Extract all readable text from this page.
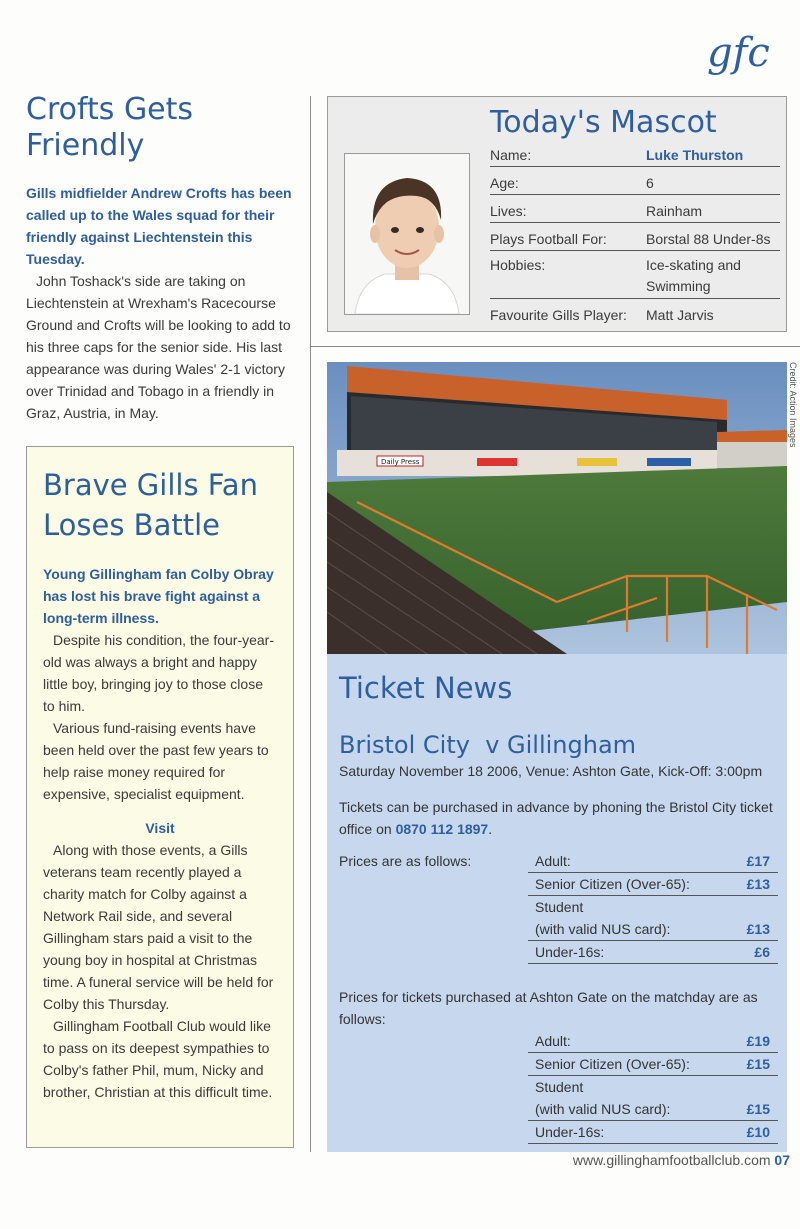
gfc
Crofts Gets
Friendly

Gills midfielder Andrew Crofts has been called up to the Wales squad for their friendly against Liechtenstein this Tuesday.

John Toshack's side are taking on Liechtenstein at Wrexham's Racecourse Ground and Crofts will be looking to add to his three caps for the senior side. His last appearance was during Wales' 2-1 victory over Trinidad and Tobago in a friendly in Graz, Austria, in May.

Brave Gills Fan
Loses Battle

Young Gillingham fan Colby Obray has lost his brave fight against a long-term illness.

Despite his condition, the four-year-old was always a bright and happy little boy, bringing joy to those close to him.

Various fund-raising events have been held over the past few years to help raise money required for expensive, specialist equipment.

Visit

Along with those events, a Gills veterans team recently played a charity match for Colby against a Network Rail side, and several Gillingham stars paid a visit to the young boy in hospital at Christmas time. A funeral service will be held for Colby this Thursday.

Gillingham Football Club would like to pass on its deepest sympathies to Colby's father Phil, mum, Nicky and brother, Christian at this difficult time.

Today's Mascot
Name:	Luke Thurston
Age:	6
Lives:	Rainham
Plays Football For:	Borstal 88 Under-8s
Hobbies:	Ice-skating and
Swimming
Favourite Gills Player: Matt Jarvis
Daily Press
Credit: Action Images
Ticket News
Bristol City  v Gillingham

Saturday November 18 2006, Venue: Ashton Gate, Kick-Off: 3:00pm

Tickets can be purchased in advance by phoning the Bristol City ticket office on 0870 112 1897.

Prices are as follows:	Adult:	£17
Senior Citizen (Over-65):	£13
Student
(with valid NUS card):	£13
Under-16s:	£6

Prices for tickets purchased at Ashton Gate on the matchday are as follows:

Adult:	£19
Senior Citizen (Over-65):	£15
Student
(with valid NUS card):	£15
Under-16s:	£10
www.gillinghamfootballclub.com 07
